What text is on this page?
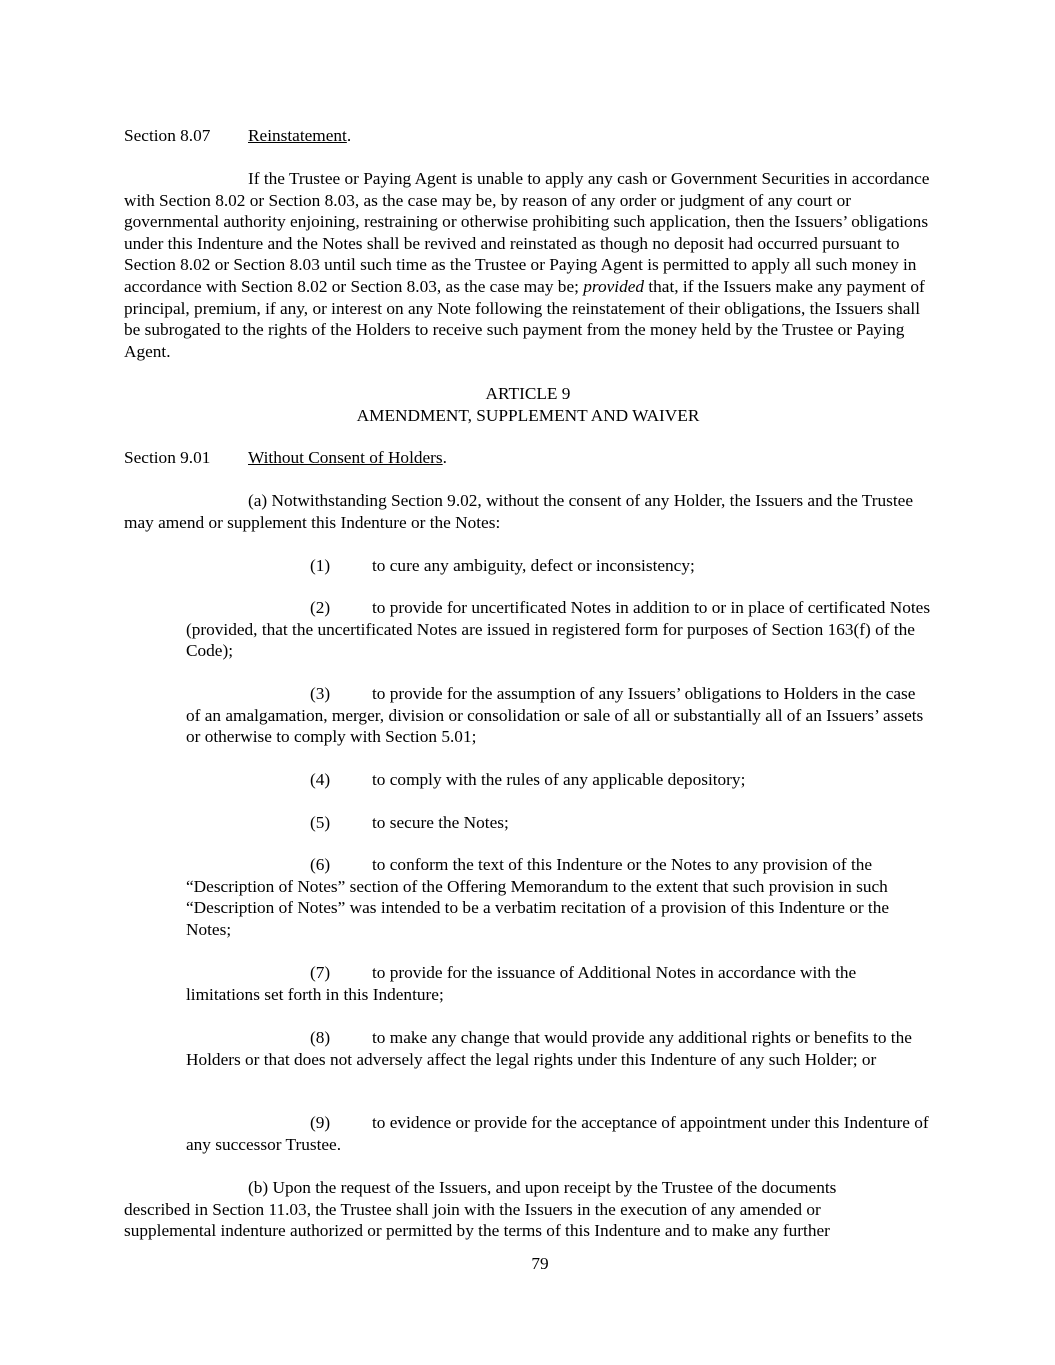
Section 8.07 Reinstatement.

If the Trustee or Paying Agent is unable to apply any cash or Government Securities in accordance with Section 8.02 or Section 8.03, as the case may be, by reason of any order or judgment of any court or governmental authority enjoining, restraining or otherwise prohibiting such application, then the Issuers’ obligations under this Indenture and the Notes shall be revived and reinstated as though no deposit had occurred pursuant to Section 8.02 or Section 8.03 until such time as the Trustee or Paying Agent is permitted to apply all such money in accordance with Section 8.02 or Section 8.03, as the case may be; provided that, if the Issuers make any payment of principal, premium, if any, or interest on any Note following the reinstatement of their obligations, the Issuers shall be subrogated to the rights of the Holders to receive such payment from the money held by the Trustee or Paying Agent.

ARTICLE 9
AMENDMENT, SUPPLEMENT AND WAIVER

Section 9.01 Without Consent of Holders.

(a) Notwithstanding Section 9.02, without the consent of any Holder, the Issuers and the Trustee may amend or supplement this Indenture or the Notes:

(1) to cure any ambiguity, defect or inconsistency;

(2) to provide for uncertificated Notes in addition to or in place of certificated Notes (provided, that the uncertificated Notes are issued in registered form for purposes of Section 163(f) of the Code);

(3) to provide for the assumption of any Issuers’ obligations to Holders in the case of an amalgamation, merger, division or consolidation or sale of all or substantially all of an Issuers’ assets or otherwise to comply with Section 5.01;

(4) to comply with the rules of any applicable depository;

(5) to secure the Notes;

(6) to conform the text of this Indenture or the Notes to any provision of the “Description of Notes” section of the Offering Memorandum to the extent that such provision in such “Description of Notes” was intended to be a verbatim recitation of a provision of this Indenture or the Notes;

(7) to provide for the issuance of Additional Notes in accordance with the limitations set forth in this Indenture;

(8) to make any change that would provide any additional rights or benefits to the Holders or that does not adversely affect the legal rights under this Indenture of any such Holder; or

(9) to evidence or provide for the acceptance of appointment under this Indenture of any successor Trustee.

(b) Upon the request of the Issuers, and upon receipt by the Trustee of the documents
described in Section 11.03, the Trustee shall join with the Issuers in the execution of any amended or
supplemental indenture authorized or permitted by the terms of this Indenture and to make any further
79
